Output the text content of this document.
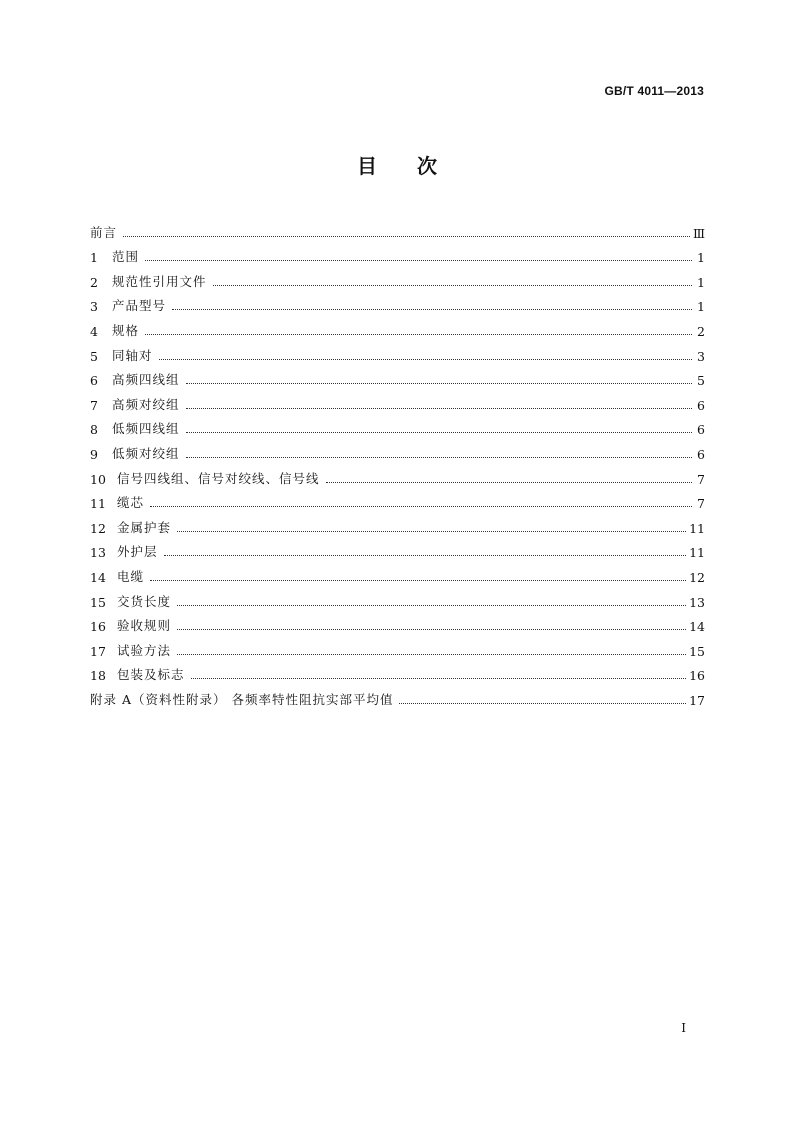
GB/T 4011—2013
目 次
前言	Ⅲ
1	范围	1
2	规范性引用文件	1
3	产品型号	1
4	规格	2
5	同轴对	3
6	高频四线组	5
7	高频对绞组	6
8	低频四线组	6
9	低频对绞组	6
10 信号四线组、信号对绞线、信号线	7
11 缆芯	7
12 金属护套	11
13 外护层	11
14 电缆	12
15 交货长度	13
16 验收规则	14
17 试验方法	15
18 包装及标志	16
附录 A（资料性附录） 各频率特性阻抗实部平均值	17
I
